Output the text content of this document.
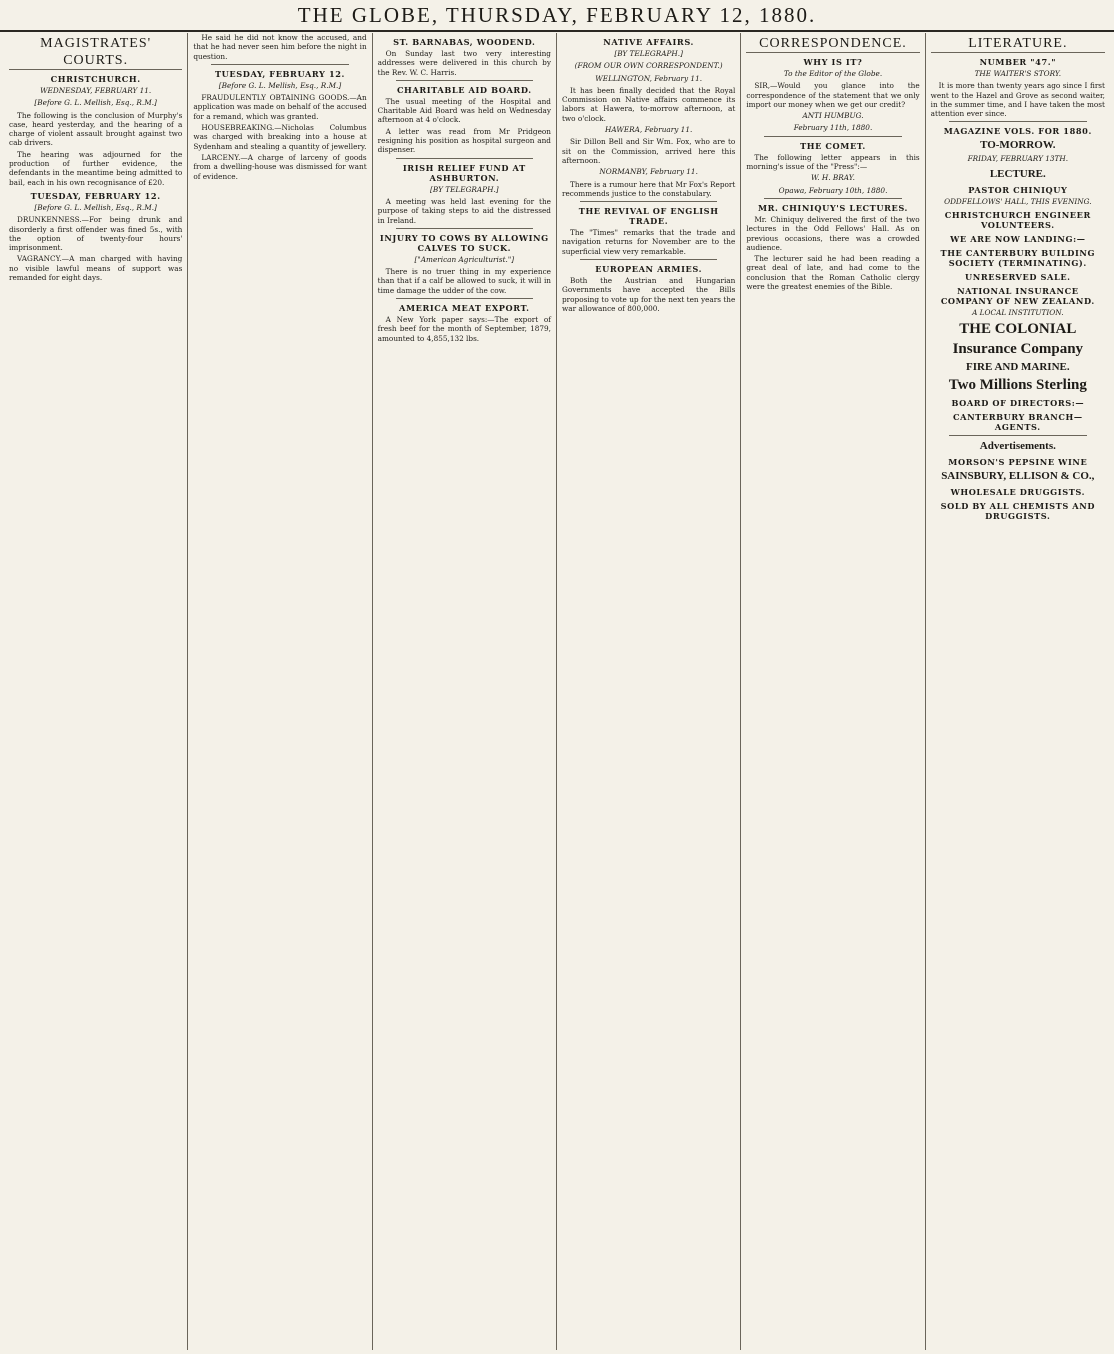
THE GLOBE, THURSDAY, FEBRUARY 12, 1880.
MAGISTRATES' COURTS.
CHRISTCHURCH.
WEDNESDAY, FEBRUARY 11.
[Before G. L. Mellish, Esq., R.M.]

The following is the conclusion of Murphy's case, heard yesterday, and the hearing of a charge of violent assault brought against two cab drivers.

The hearing was adjourned for the production of further evidence, the defendants in the meantime being admitted to bail, each in his own recognisance of £20.

TUESDAY, FEBRUARY 12.
[Before G. L. Mellish, Esq., R.M.]

DRUNKENNESS.—For being drunk and disorderly a first offender was fined 5s., with the option of twenty-four hours' imprisonment.

VAGRANCY.—A man charged with having no visible lawful means of support was remanded for eight days.

He said he did not know the accused, and that he had never seen him before the night in question.

TUESDAY, FEBRUARY 12.
[Before G. L. Mellish, Esq., R.M.]

FRAUDULENTLY OBTAINING GOODS.—An application was made on behalf of the accused for a remand, which was granted.

HOUSEBREAKING.—Nicholas Columbus was charged with breaking into a house at Sydenham and stealing a quantity of jewellery.

LARCENY.—A charge of larceny of goods from a dwelling-house was dismissed for want of evidence.

ST. BARNABAS, WOODEND.

On Sunday last two very interesting addresses were delivered in this church by the Rev. W. C. Harris.

CHARITABLE AID BOARD.

The usual meeting of the Hospital and Charitable Aid Board was held on Wednesday afternoon at 4 o'clock.

A letter was read from Mr Pridgeon resigning his position as hospital surgeon and dispenser.

IRISH RELIEF FUND AT ASHBURTON.
[BY TELEGRAPH.]

A meeting was held last evening for the purpose of taking steps to aid the distressed in Ireland.

INJURY TO COWS BY ALLOWING CALVES TO SUCK.
["American Agriculturist."]

There is no truer thing in my experience than that if a calf be allowed to suck, it will in time damage the udder of the cow.

AMERICA MEAT EXPORT.

A New York paper says:—The export of fresh beef for the month of September, 1879, amounted to 4,855,132 lbs.

NATIVE AFFAIRS.
[BY TELEGRAPH.]
(FROM OUR OWN CORRESPONDENT.)
WELLINGTON, February 11.

It has been finally decided that the Royal Commission on Native affairs commence its labors at Hawera, to-morrow afternoon, at two o'clock.

HAWERA, February 11.

Sir Dillon Bell and Sir Wm. Fox, who are to sit on the Commission, arrived here this afternoon.

NORMANBY, February 11.

There is a rumour here that Mr Fox's Report recommends justice to the constabulary.

THE REVIVAL OF ENGLISH TRADE.

The "Times" remarks that the trade and navigation returns for November are to the superficial view very remarkable.

EUROPEAN ARMIES.

Both the Austrian and Hungarian Governments have accepted the Bills proposing to vote up for the next ten years the war allowance of 800,000.

CORRESPONDENCE.
WHY IS IT?
To the Editor of the Globe.

SIR,—Would you glance into the correspondence of the statement that we only import our money when we get our credit?

ANTI HUMBUG.
February 11th, 1880.
THE COMET.

The following letter appears in this morning's issue of the "Press":—

W. H. BRAY.
Opawa, February 10th, 1880.
MR. CHINIQUY'S LECTURES.

Mr. Chiniquy delivered the first of the two lectures in the Odd Fellows' Hall. As on previous occasions, there was a crowded audience.

The lecturer said he had been reading a great deal of late, and had come to the conclusion that the Roman Catholic clergy were the greatest enemies of the Bible.

LITERATURE.
NUMBER "47."
THE WAITER'S STORY.

It is more than twenty years ago since I first went to the Hazel and Grove as second waiter, in the summer time, and I have taken the most attention ever since.

MAGAZINE VOLS. FOR 1880.
TO-MORROW.
FRIDAY, FEBRUARY 13TH.
LECTURE.
PASTOR CHINIQUY
ODDFELLOWS' HALL, THIS EVENING.
CHRISTCHURCH ENGINEER VOLUNTEERS.
WE ARE NOW LANDING:—
THE CANTERBURY BUILDING SOCIETY (TERMINATING).
UNRESERVED SALE.
NATIONAL INSURANCE COMPANY OF NEW ZEALAND.
A LOCAL INSTITUTION.
THE COLONIAL
Insurance Company
FIRE AND MARINE.
Two Millions Sterling
BOARD OF DIRECTORS:—
CANTERBURY BRANCH—AGENTS.
Advertisements.
MORSON'S PEPSINE WINE
SAINSBURY, ELLISON & CO.,
WHOLESALE DRUGGISTS.
SOLD BY ALL CHEMISTS AND DRUGGISTS.
